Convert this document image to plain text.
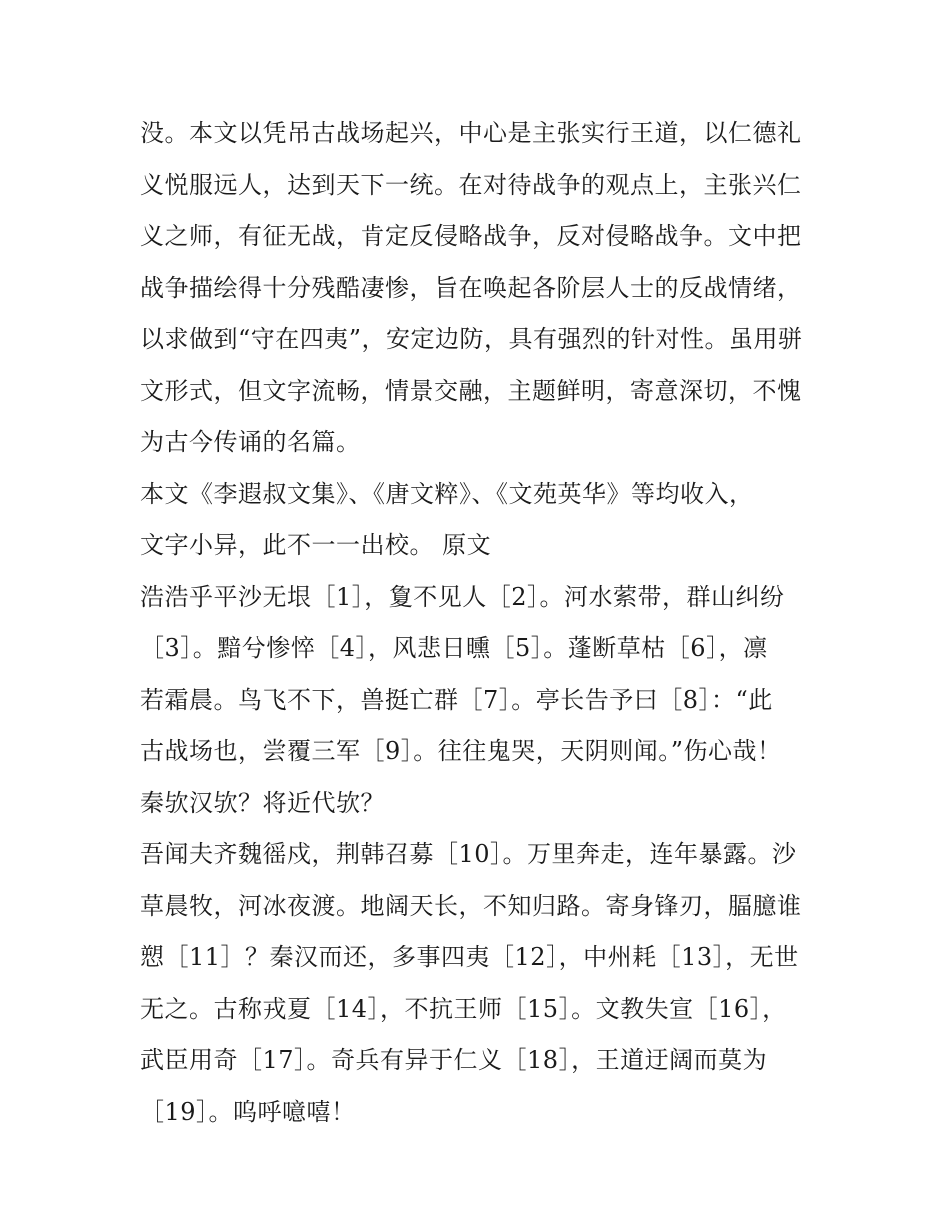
没。本文以凭吊古战场起兴，中心是主张实行王道，以仁德礼
义悦服远人，达到天下一统。在对待战争的观点上，主张兴仁
义之师，有征无战，肯定反侵略战争，反对侵略战争。文中把
战争描绘得十分残酷凄惨，旨在唤起各阶层人士的反战情绪，
以求做到“守在四夷”，安定边防，具有强烈的针对性。虽用骈
文形式，但文字流畅，情景交融，主题鲜明，寄意深切，不愧
为古今传诵的名篇。
本文《李遐叔文集》、《唐文粹》、《文苑英华》等均收入，
文字小异，此不一一出校。 原文
浩浩乎平沙无垠［1］，夐不见人［2］。河水萦带，群山纠纷
［3］。黯兮惨悴［4］，风悲日曛［5］。蓬断草枯［6］，凛
若霜晨。鸟飞不下，兽挺亡群［7］。亭长告予曰［8］：“此
古战场也，尝覆三军［9］。往往鬼哭，天阴则闻。”伤心哉！
秦欤汉欤？将近代欤？
吾闻夫齐魏徭戍，荆韩召募［10］。万里奔走，连年暴露。沙
草晨牧，河冰夜渡。地阔天长，不知归路。寄身锋刃，腷臆谁
愬［11］？秦汉而还，多事四夷［12］，中州耗［13］，无世
无之。古称戎夏［14］，不抗王师［15］。文教失宣［16］，
武臣用奇［17］。奇兵有异于仁义［18］，王道迂阔而莫为
［19］。呜呼噫嘻！
